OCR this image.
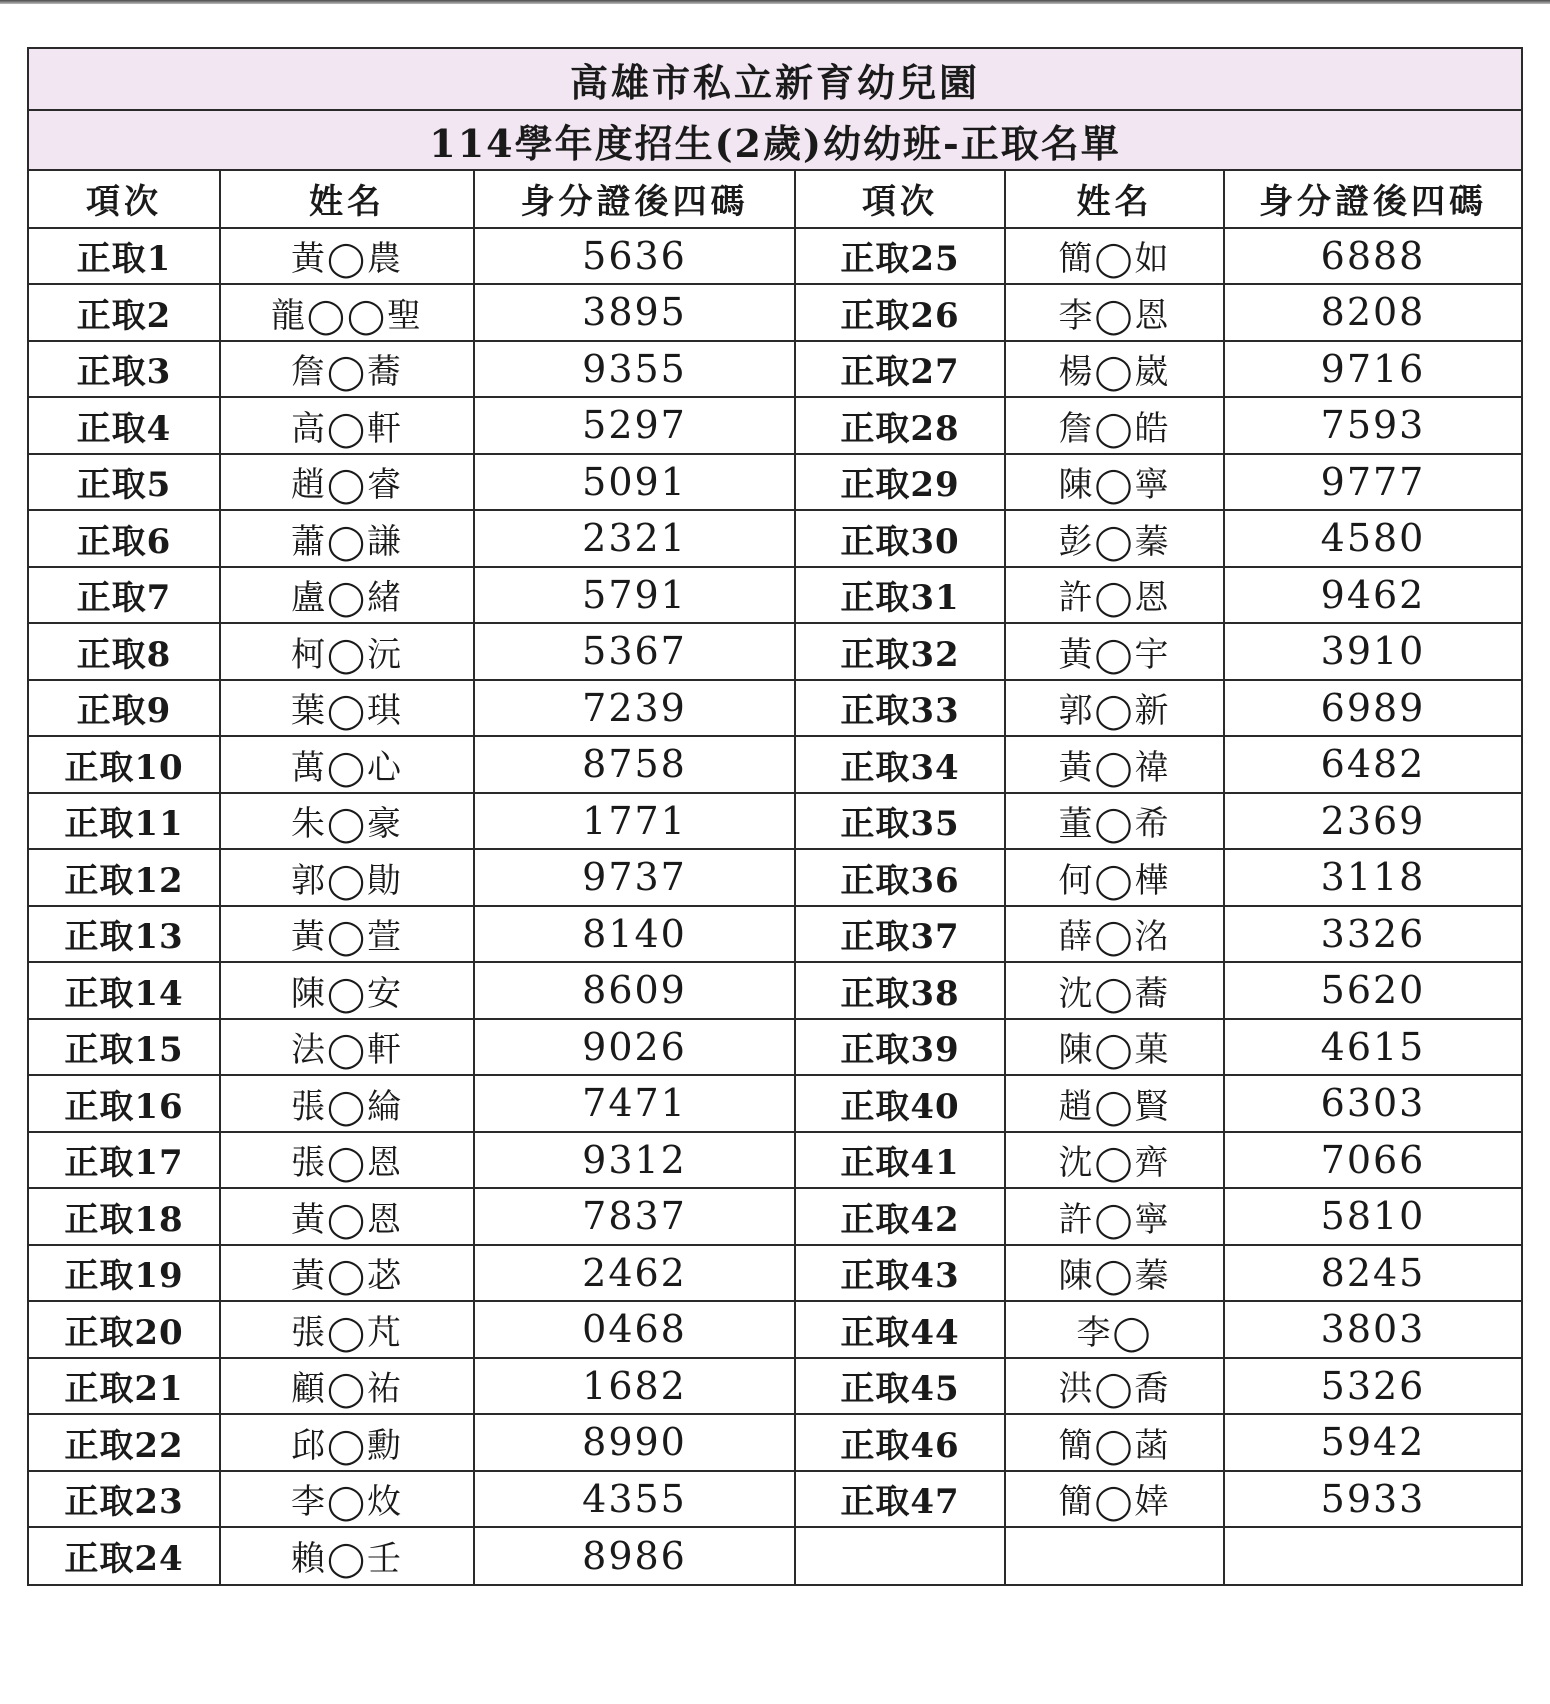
高雄市私立新育幼兒園
114學年度招生(2歲)幼幼班-正取名單
項次	姓名	身分證後四碼	項次	姓名	身分證後四碼
正取1	黃◯農	5636	正取25	簡◯如	6888
正取2	龍◯◯聖	3895	正取26	李◯恩	8208
正取3	詹◯蕎	9355	正取27	楊◯崴	9716
正取4	高◯軒	5297	正取28	詹◯皓	7593
正取5	趙◯睿	5091	正取29	陳◯寧	9777
正取6	蕭◯謙	2321	正取30	彭◯蓁	4580
正取7	盧◯緒	5791	正取31	許◯恩	9462
正取8	柯◯沅	5367	正取32	黃◯宇	3910
正取9	葉◯琪	7239	正取33	郭◯新	6989
正取10	萬◯心	8758	正取34	黃◯禕	6482
正取11	朱◯豪	1771	正取35	董◯希	2369
正取12	郭◯勛	9737	正取36	何◯樺	3118
正取13	黃◯萱	8140	正取37	薛◯洺	3326
正取14	陳◯安	8609	正取38	沈◯蕎	5620
正取15	法◯軒	9026	正取39	陳◯菓	4615
正取16	張◯綸	7471	正取40	趙◯賢	6303
正取17	張◯恩	9312	正取41	沈◯齊	7066
正取18	黃◯恩	7837	正取42	許◯寧	5810
正取19	黃◯苾	2462	正取43	陳◯蓁	8245
正取20	張◯芃	0468	正取44	李◯	3803
正取21	顧◯祐	1682	正取45	洪◯喬	5326
正取22	邱◯勳	8990	正取46	簡◯菡	5942
正取23	李◯炇	4355	正取47	簡◯婞	5933
正取24	賴◯壬	8986			
